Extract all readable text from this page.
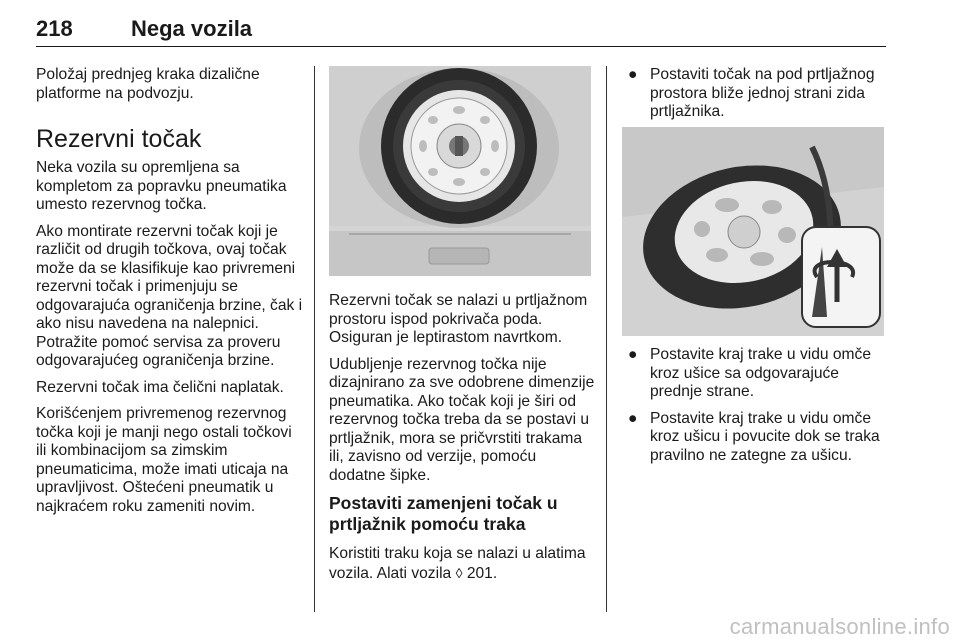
218	Nega vozila

Položaj prednjeg kraka dizalične platforme na podvozju.

Rezervni točak

Neka vozila su opremljena sa kompletom za popravku pneumatika umesto rezervnog točka.

Ako montirate rezervni točak koji je različit od drugih točkova, ovaj točak može da se klasifikuje kao privremeni rezervni točak i primenjuju se odgovarajuća ograničenja brzine, čak i ako nisu navedena na nalepnici. Potražite pomoć servisa za proveru odgovarajućeg ograničenja brzine.

Rezervni točak ima čelični naplatak.

Korišćenjem privremenog rezervnog točka koji je manji nego ostali točkovi ili kombinacijom sa zimskim pneumaticima, može imati uticaja na upravljivost. Oštećeni pneumatik u najkraćem roku zameniti novim.

Rezervni točak se nalazi u prtljažnom prostoru ispod pokrivača poda. Osiguran je leptirastom navrtkom.

Udubljenje rezervnog točka nije dizajnirano za sve odobrene dimenzije pneumatika. Ako točak koji je širi od rezervnog točka treba da se postavi u prtljažnik, mora se pričvrstiti trakama ili, zavisno od verzije, pomoću dodatne šipke.

Postaviti zamenjeni točak u prtljažnik pomoću traka

Koristiti traku koja se nalazi u alatima vozila. Alati vozila ◊ 201.

● Postaviti točak na pod prtljažnog prostora bliže jednoj strani zida prtljažnika.
● Postavite kraj trake u vidu omče kroz ušice sa odgovarajuće prednje strane.
● Postavite kraj trake u vidu omče kroz ušicu i povucite dok se traka pravilno ne zategne za ušicu.
carmanualsonline.info
